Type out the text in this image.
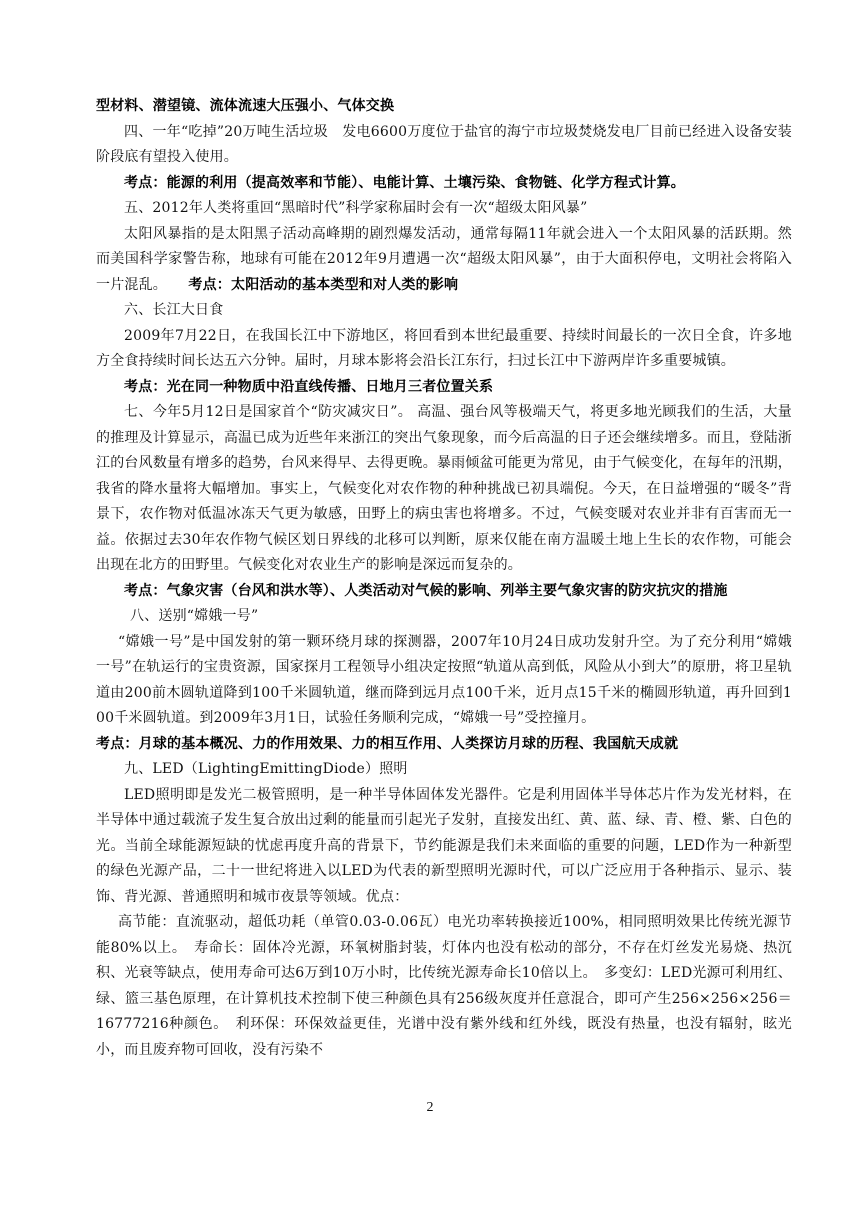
型材料、潜望镜、流体流速大压强小、气体交换

四、一年“吃掉”20万吨生活垃圾　发电6600万度位于盐官的海宁市垃圾焚烧发电厂目前已经进入设备安装阶段底有望投入使用。

考点：能源的利用（提高效率和节能）、电能计算、土壤污染、食物链、化学方程式计算。

五、2012年人类将重回“黑暗时代”科学家称届时会有一次“超级太阳风暴”

太阳风暴指的是太阳黑子活动高峰期的剧烈爆发活动，通常每隔11年就会进入一个太阳风暴的活跃期。然而美国科学家警告称，地球有可能在2012年9月遭遇一次“超级太阳风暴”，由于大面积停电，文明社会将陷入一片混乱。　　 考点：太阳活动的基本类型和对人类的影响

六、长江大日食

2009年7月22日，在我国长江中下游地区，将回看到本世纪最重要、持续时间最长的一次日全食，许多地方全食持续时间长达五六分钟。届时，月球本影将会沿长江东行，扫过长江中下游两岸许多重要城镇。

考点：光在同一种物质中沿直线传播、日地月三者位置关系

七、今年5月12日是国家首个“防灾减灾日”。 高温、强台风等极端天气，将更多地光顾我们的生活，大量的推理及计算显示，高温已成为近些年来浙江的突出气象现象，而今后高温的日子还会继续增多。而且，登陆浙江的台风数量有增多的趋势，台风来得早、去得更晚。暴雨倾盆可能更为常见，由于气候变化，在每年的汛期，我省的降水量将大幅增加。事实上，气候变化对农作物的种种挑战已初具端倪。今天，在日益增强的“暖冬”背景下，农作物对低温冰冻天气更为敏感，田野上的病虫害也将增多。不过，气候变暖对农业并非有百害而无一益。依据过去30年农作物气候区划日界线的北移可以判断，原来仅能在南方温暖土地上生长的农作物，可能会出现在北方的田野里。气候变化对农业生产的影响是深远而复杂的。

考点：气象灾害（台风和洪水等）、人类活动对气候的影响、列举主要气象灾害的防灾抗灾的措施

八、送别“嫦娥一号”

“嫦娥一号”是中国发射的第一颗环绕月球的探测器，2007年10月24日成功发射升空。为了充分利用“嫦娥一号”在轨运行的宝贵资源，国家探月工程领导小组决定按照“轨道从高到低，风险从小到大”的原册，将卫星轨道由200前木圆轨道降到100千米圆轨道，继而降到远月点100千米，近月点15千米的椭圆形轨道，再升回到100千米圆轨道。到2009年3月1日，试验任务顺利完成，“嫦娥一号”受控撞月。

考点：月球的基本概况、力的作用效果、力的相互作用、人类探访月球的历程、我国航天成就

九、LED（LightingEmittingDiode）照明

LED照明即是发光二极管照明，是一种半导体固体发光器件。它是利用固体半导体芯片作为发光材料，在半导体中通过载流子发生复合放出过剩的能量而引起光子发射，直接发出红、黄、蓝、绿、青、橙、紫、白色的光。当前全球能源短缺的忧虑再度升高的背景下，节约能源是我们未来面临的重要的问题，LED作为一种新型的绿色光源产品，二十一世纪将进入以LED为代表的新型照明光源时代，可以广泛应用于各种指示、显示、装饰、背光源、普通照明和城市夜景等领域。优点：

高节能：直流驱动，超低功耗（单管0.03-0.06瓦）电光功率转换接近100%，相同照明效果比传统光源节能80%以上。　寿命长：固体冷光源，环氧树脂封装，灯体内也没有松动的部分，不存在灯丝发光易烧、热沉积、光衰等缺点，使用寿命可达6万到10万小时，比传统光源寿命长10倍以上。　多变幻：LED光源可利用红、绿、篮三基色原理，在计算机技术控制下使三种颜色具有256级灰度并任意混合，即可产生256×256×256＝16777216种颜色。　利环保：环保效益更佳，光谱中没有紫外线和红外线，既没有热量，也没有辐射，眩光小，而且废弃物可回收，没有污染不

2
